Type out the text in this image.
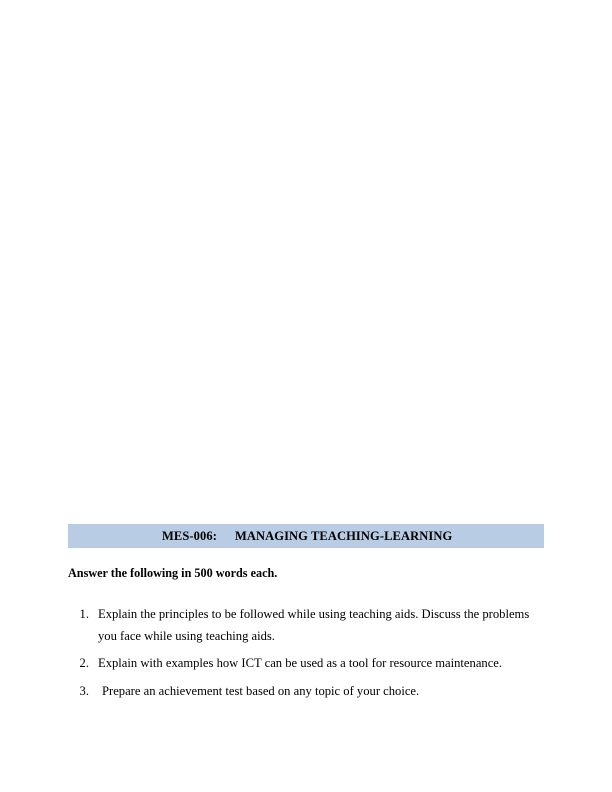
MES-006: MANAGING TEACHING-LEARNING
Answer the following in 500 words each.
1. Explain the principles to be followed while using teaching aids. Discuss the problems you face while using teaching aids.
2. Explain with examples how ICT can be used as a tool for resource maintenance.
3.	Prepare an achievement test based on any topic of your choice.
